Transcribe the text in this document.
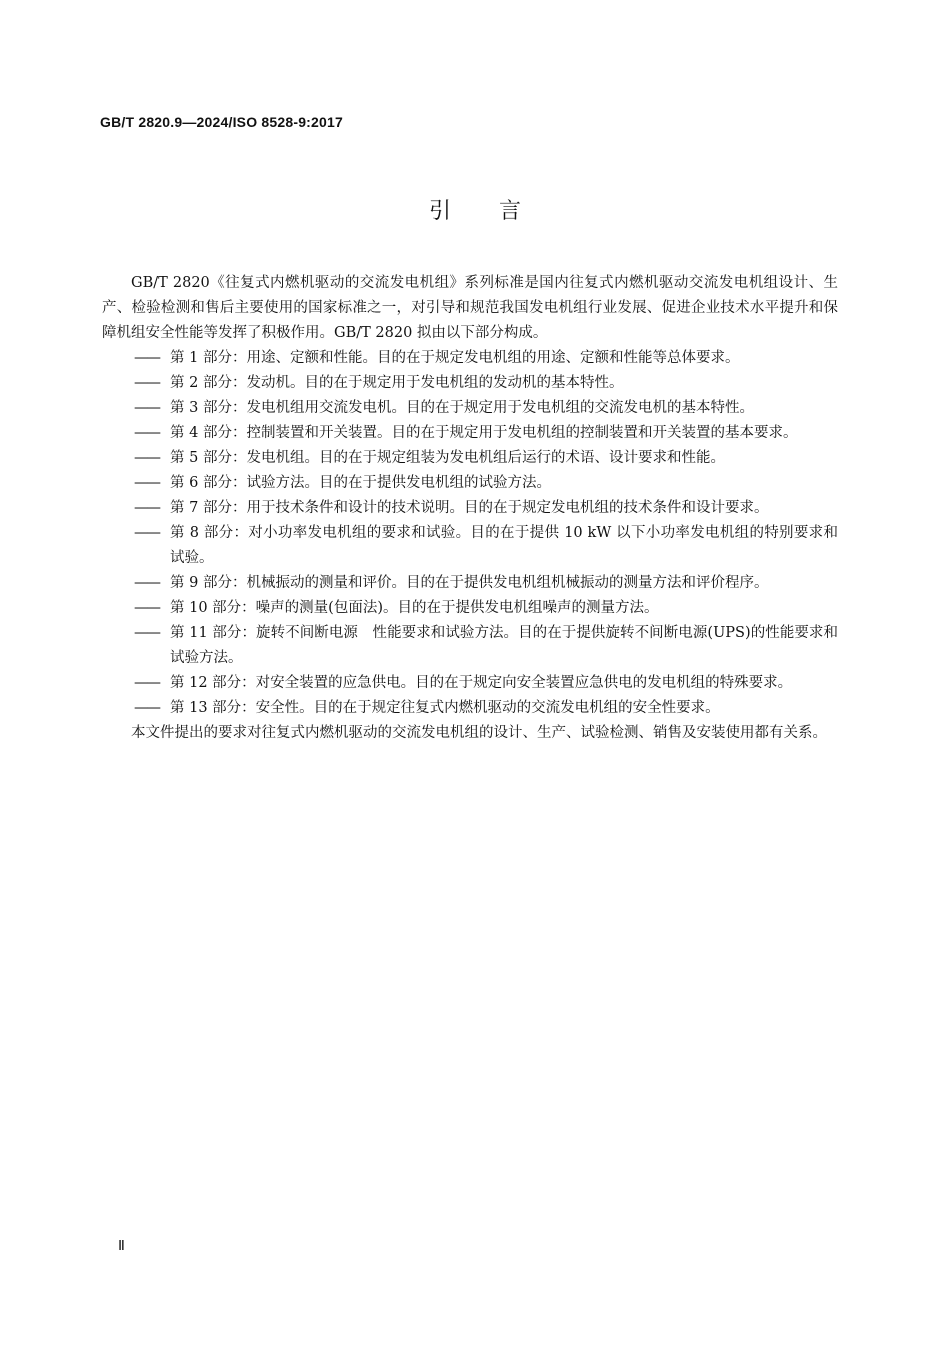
GB/T 2820.9—2024/ISO 8528-9:2017
引言

GB/T 2820《往复式内燃机驱动的交流发电机组》系列标准是国内往复式内燃机驱动交流发电机组设计、生产、检验检测和售后主要使用的国家标准之一，对引导和规范我国发电机组行业发展、促进企业技术水平提升和保障机组安全性能等发挥了积极作用。GB/T 2820 拟由以下部分构成。

—— 第 1 部分：用途、定额和性能。目的在于规定发电机组的用途、定额和性能等总体要求。
—— 第 2 部分：发动机。目的在于规定用于发电机组的发动机的基本特性。
—— 第 3 部分：发电机组用交流发电机。目的在于规定用于发电机组的交流发电机的基本特性。
—— 第 4 部分：控制装置和开关装置。目的在于规定用于发电机组的控制装置和开关装置的基本要求。
—— 第 5 部分：发电机组。目的在于规定组装为发电机组后运行的术语、设计要求和性能。
—— 第 6 部分：试验方法。目的在于提供发电机组的试验方法。
—— 第 7 部分：用于技术条件和设计的技术说明。目的在于规定发电机组的技术条件和设计要求。
—— 第 8 部分：对小功率发电机组的要求和试验。目的在于提供 10 kW 以下小功率发电机组的特别要求和试验。
—— 第 9 部分：机械振动的测量和评价。目的在于提供发电机组机械振动的测量方法和评价程序。
—— 第 10 部分：噪声的测量(包面法)。目的在于提供发电机组噪声的测量方法。
—— 第 11 部分：旋转不间断电源　性能要求和试验方法。目的在于提供旋转不间断电源(UPS)的性能要求和试验方法。
—— 第 12 部分：对安全装置的应急供电。目的在于规定向安全装置应急供电的发电机组的特殊要求。
—— 第 13 部分：安全性。目的在于规定往复式内燃机驱动的交流发电机组的安全性要求。

本文件提出的要求对往复式内燃机驱动的交流发电机组的设计、生产、试验检测、销售及安装使用都有关系。

Ⅱ
